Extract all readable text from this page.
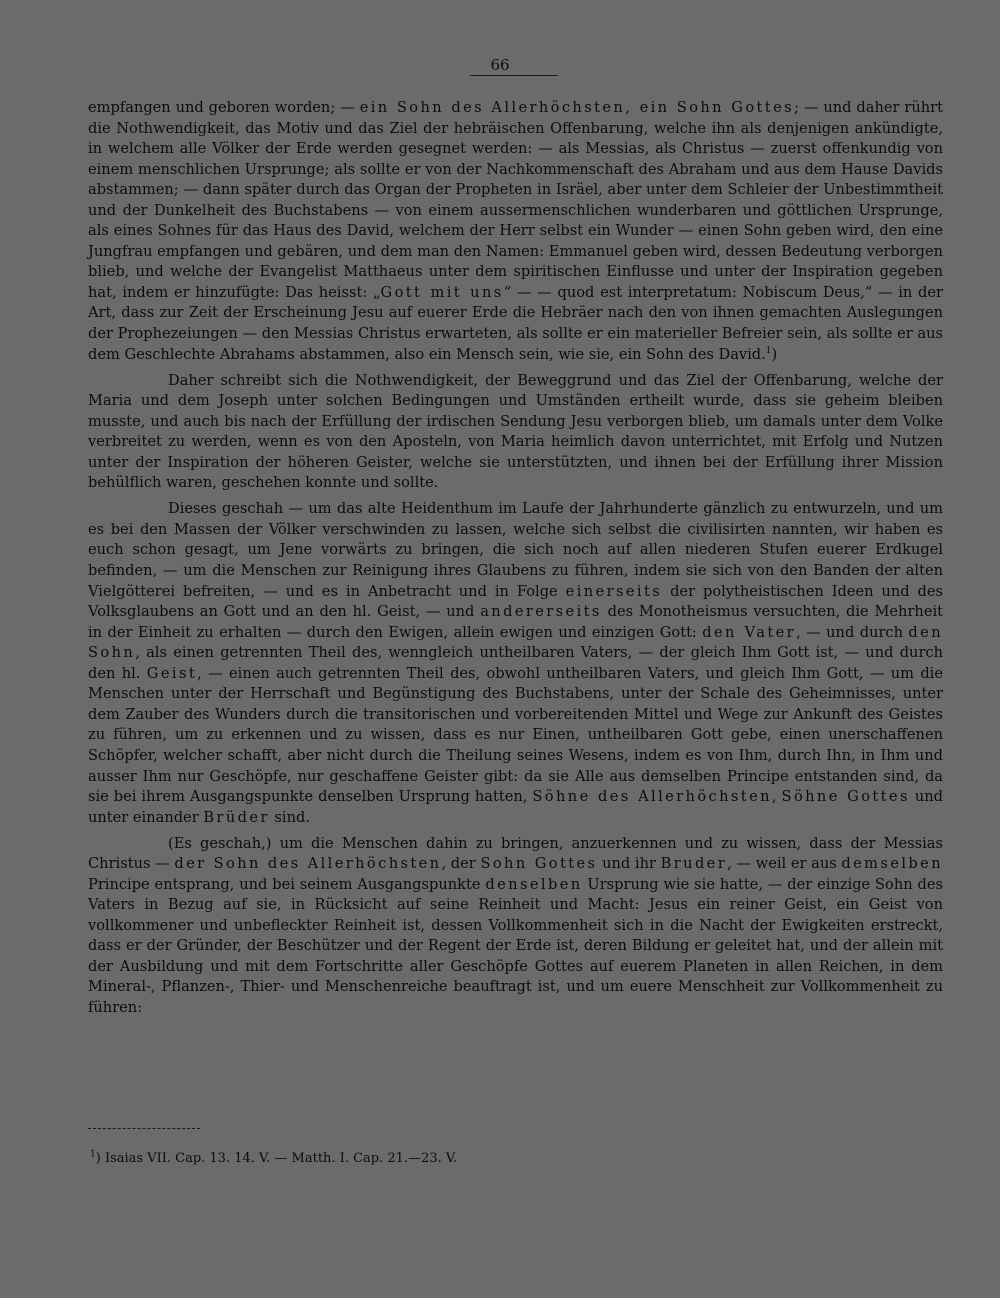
66

empfangen und geboren worden; — ein Sohn des Allerhöchsten, ein Sohn Gottes; — und daher rührt die Nothwendigkeit, das Motiv und das Ziel der hebräischen Offenbarung, welche ihn als denjenigen ankündigte, in welchem alle Völker der Erde werden gesegnet werden: — als Messias, als Christus — zuerst offenkundig von einem menschlichen Ursprunge; als sollte er von der Nachkommenschaft des Abraham und aus dem Hause Davids abstammen; — dann später durch das Organ der Propheten in Isräel, aber unter dem Schleier der Unbestimmtheit und der Dunkelheit des Buchstabens — von einem aussermenschlichen wunderbaren und göttlichen Ursprunge, als eines Sohnes für das Haus des David, welchem der Herr selbst ein Wunder — einen Sohn geben wird, den eine Jungfrau empfangen und gebären, und dem man den Namen: Emmanuel geben wird, dessen Bedeutung verborgen blieb, und welche der Evangelist Matthaeus unter dem spiritischen Einflusse und unter der Inspiration gegeben hat, indem er hinzufügte: Das heisst: „Gott mit uns“ — — quod est interpretatum: Nobiscum Deus,“ — in der Art, dass zur Zeit der Erscheinung Jesu auf euerer Erde die Hebräer nach den von ihnen gemachten Auslegungen der Prophezeiungen — den Messias Christus erwarteten, als sollte er ein materieller Befreier sein, als sollte er aus dem Geschlechte Abrahams abstammen, also ein Mensch sein, wie sie, ein Sohn des David.$^1$)

Daher schreibt sich die Nothwendigkeit, der Beweggrund und das Ziel der Offenbarung, welche der Maria und dem Joseph unter solchen Bedingungen und Umständen ertheilt wurde, dass sie geheim bleiben musste, und auch bis nach der Erfüllung der irdischen Sendung Jesu verborgen blieb, um damals unter dem Volke verbreitet zu werden, wenn es von den Aposteln, von Maria heimlich davon unterrichtet, mit Erfolg und Nutzen unter der Inspiration der höheren Geister, welche sie unterstützten, und ihnen bei der Erfüllung ihrer Mission behülflich waren, geschehen konnte und sollte.

Dieses geschah — um das alte Heidenthum im Laufe der Jahrhunderte gänzlich zu entwurzeln, und um es bei den Massen der Völker verschwinden zu lassen, welche sich selbst die civilisirten nannten, wir haben es euch schon gesagt, um Jene vorwärts zu bringen, die sich noch auf allen niederen Stufen euerer Erdkugel befinden, — um die Menschen zur Reinigung ihres Glaubens zu führen, indem sie sich von den Banden der alten Vielgötterei befreiten, — und es in Anbetracht und in Folge einerseits der polytheistischen Ideen und des Volksglaubens an Gott und an den hl. Geist, — und andererseits des Monotheismus versuchten, die Mehrheit in der Einheit zu erhalten — durch den Ewigen, allein ewigen und einzigen Gott: den Vater, — und durch den Sohn, als einen getrennten Theil des, wenngleich untheilbaren Vaters, — der gleich Ihm Gott ist, — und durch den hl. Geist, — einen auch getrennten Theil des, obwohl untheilbaren Vaters, und gleich Ihm Gott, — um die Menschen unter der Herrschaft und Begünstigung des Buchstabens, unter der Schale des Geheimnisses, unter dem Zauber des Wunders durch die transitorischen und vorbereitenden Mittel und Wege zur Ankunft des Geistes zu führen, um zu erkennen und zu wissen, dass es nur Einen, untheilbaren Gott gebe, einen unerschaffenen Schöpfer, welcher schafft, aber nicht durch die Theilung seines Wesens, indem es von Ihm, durch Ihn, in Ihm und ausser Ihm nur Geschöpfe, nur geschaffene Geister gibt: da sie Alle aus demselben Principe entstanden sind, da sie bei ihrem Ausgangspunkte denselben Ursprung hatten, Söhne des Allerhöchsten, Söhne Gottes und unter einander Brüder sind.

(Es geschah,) um die Menschen dahin zu bringen, anzuerkennen und zu wissen, dass der Messias Christus — der Sohn des Allerhöchsten, der Sohn Gottes und ihr Bruder, — weil er aus demselben Principe entsprang, und bei seinem Ausgangspunkte denselben Ursprung wie sie hatte, — der einzige Sohn des Vaters in Bezug auf sie, in Rücksicht auf seine Reinheit und Macht: Jesus ein reiner Geist, ein Geist von vollkommener und unbefleckter Reinheit ist, dessen Vollkommenheit sich in die Nacht der Ewigkeiten erstreckt, dass er der Gründer, der Beschützer und der Regent der Erde ist, deren Bildung er geleitet hat, und der allein mit der Ausbildung und mit dem Fortschritte aller Geschöpfe Gottes auf euerem Planeten in allen Reichen, in dem Mineral-, Pflanzen-, Thier- und Menschenreiche beauftragt ist, und um euere Menschheit zur Vollkommenheit zu führen:

$^1$) Isaias VII. Cap. 13. 14. V. — Matth. I. Cap. 21.—23. V.
